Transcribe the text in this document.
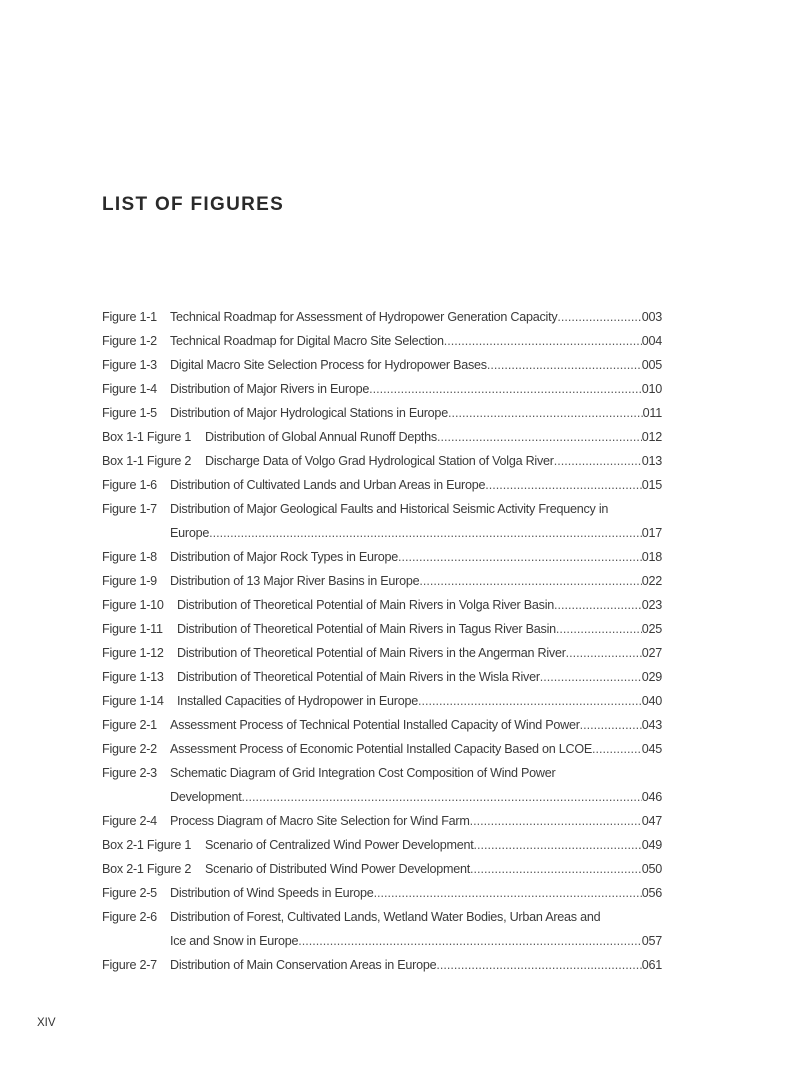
LIST OF FIGURES
Figure 1-1	Technical Roadmap for Assessment of Hydropower Generation Capacity .....	003
Figure 1-2	Technical Roadmap for Digital Macro Site Selection .....	004
Figure 1-3	Digital Macro Site Selection Process for Hydropower Bases .....	005
Figure 1-4	Distribution of Major Rivers in Europe .....	010
Figure 1-5	Distribution of Major Hydrological Stations in Europe .....	011
Box 1-1 Figure 1	Distribution of Global Annual Runoff Depths .....	012
Box 1-1 Figure 2	Discharge Data of Volgo Grad Hydrological Station of Volga River .....	013
Figure 1-6	Distribution of Cultivated Lands and Urban Areas in Europe .....	015
Figure 1-7	Distribution of Major Geological Faults and Historical Seismic Activity Frequency in
Europe .....	017
Figure 1-8	Distribution of Major Rock Types in Europe .....	018
Figure 1-9	Distribution of 13 Major River Basins in Europe .....	022
Figure 1-10	Distribution of Theoretical Potential of Main Rivers in Volga River Basin .....	023
Figure 1-11	Distribution of Theoretical Potential of Main Rivers in Tagus River Basin .....	025
Figure 1-12	Distribution of Theoretical Potential of Main Rivers in the Angerman River .....	027
Figure 1-13	Distribution of Theoretical Potential of Main Rivers in the Wisla River .....	029
Figure 1-14	Installed Capacities of Hydropower in Europe .....	040
Figure 2-1	Assessment Process of Technical Potential Installed Capacity of Wind Power .....	043
Figure 2-2	Assessment Process of Economic Potential Installed Capacity Based on LCOE .....	045
Figure 2-3	Schematic Diagram of Grid Integration Cost Composition of Wind Power
Development .....	046
Figure 2-4	Process Diagram of Macro Site Selection for Wind Farm .....	047
Box 2-1 Figure 1	Scenario of Centralized Wind Power Development .....	049
Box 2-1 Figure 2	Scenario of Distributed Wind Power Development .....	050
Figure 2-5	Distribution of Wind Speeds in Europe .....	056
Figure 2-6	Distribution of Forest, Cultivated Lands, Wetland Water Bodies, Urban Areas and
Ice and Snow in Europe .....	057
Figure 2-7	Distribution of Main Conservation Areas in Europe .....	061
XIV
